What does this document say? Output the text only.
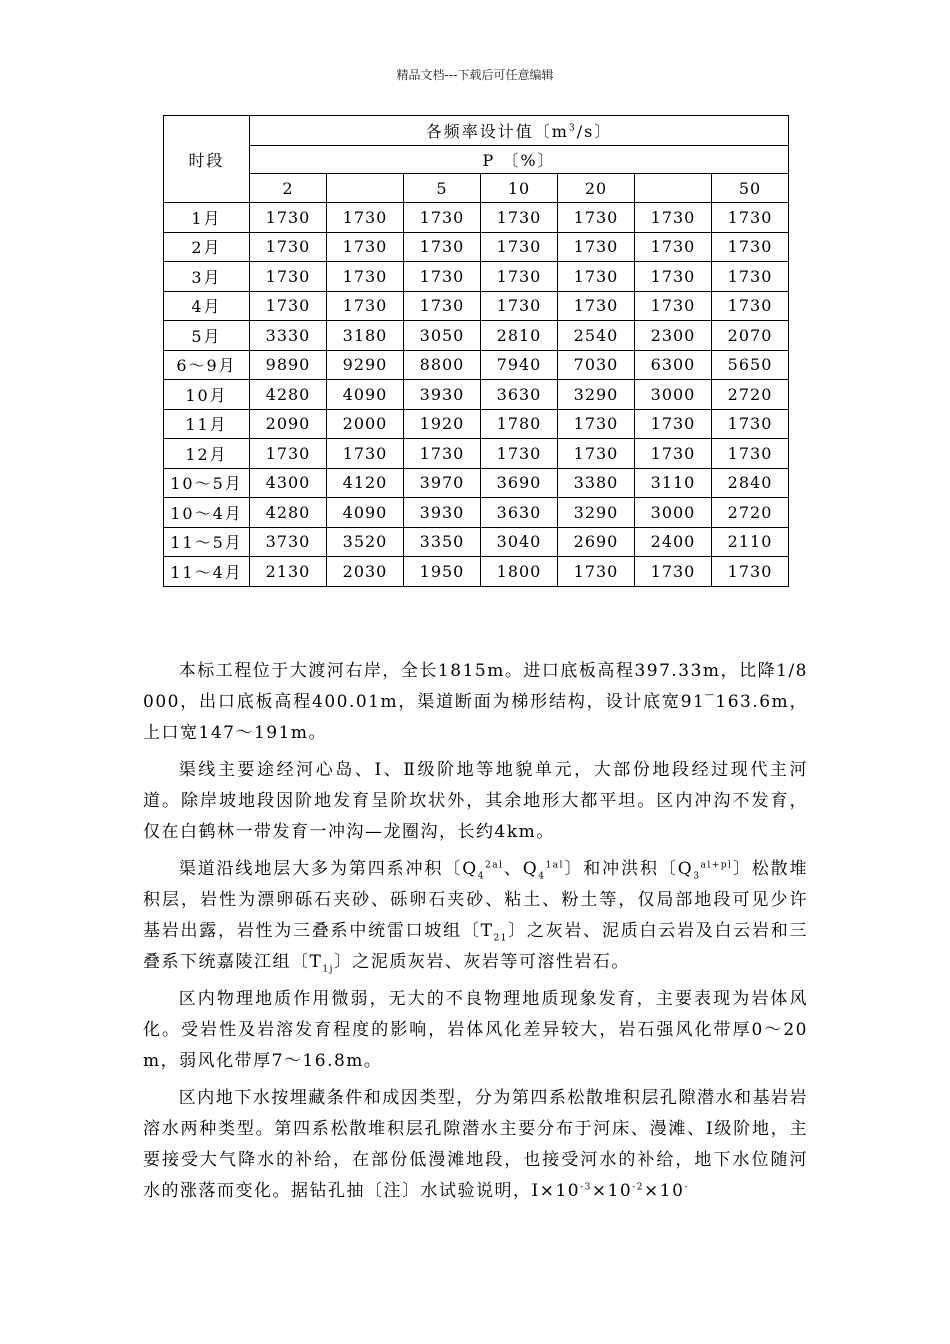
精品文档---下载后可任意编辑
时段	各频率设计值〔$m^3/s$〕						
	P 〔%〕						
	2		5	10	20		50
1月	1730	1730	1730	1730	1730	1730	1730
2月	1730	1730	1730	1730	1730	1730	1730
3月	1730	1730	1730	1730	1730	1730	1730
4月	1730	1730	1730	1730	1730	1730	1730
5月	3330	3180	3050	2810	2540	2300	2070
6～9月	9890	9290	8800	7940	7030	6300	5650
10月	4280	4090	3930	3630	3290	3000	2720
11月	2090	2000	1920	1780	1730	1730	1730
12月	1730	1730	1730	1730	1730	1730	1730
10～5月	4300	4120	3970	3690	3380	3110	2840
10～4月	4280	4090	3930	3630	3290	3000	2720
11～5月	3730	3520	3350	3040	2690	2400	2110
11～4月	2130	2030	1950	1800	1730	1730	1730

本标工程位于大渡河右岸，全长1815m。进口底板高程397.33m，比降1/8000，出口底板高程400.01m，渠道断面为梯形结构，设计底宽91‾163.6m，上口宽147～191m。

渠线主要途经河心岛、Ⅰ、Ⅱ级阶地等地貌单元，大部份地段经过现代主河道。除岸坡地段因阶地发育呈阶坎状外，其余地形大都平坦。区内冲沟不发育，仅在白鹤林一带发育一冲沟—龙圈沟，长约4km。

渠道沿线地层大多为第四系冲积〔$Q_4^{2al}$、$Q_4^{1al}$〕和冲洪积〔$Q_3^{al+pl}$〕松散堆积层，岩性为漂卵砾石夹砂、砾卵石夹砂、粘土、粉土等，仅局部地段可见少许基岩出露，岩性为三叠系中统雷口坡组〔$T_{21}$〕之灰岩、泥质白云岩及白云岩和三叠系下统嘉陵江组〔$T_{1j}$〕之泥质灰岩、灰岩等可溶性岩石。

区内物理地质作用微弱，无大的不良物理地质现象发育，主要表现为岩体风化。受岩性及岩溶发育程度的影响，岩体风化差异较大，岩石强风化带厚0～20m，弱风化带厚7～16.8m。

区内地下水按埋藏条件和成因类型，分为第四系松散堆积层孔隙潜水和基岩岩溶水两种类型。第四系松散堆积层孔隙潜水主要分布于河床、漫滩、Ⅰ级阶地，主要接受大气降水的补给，在部份低漫滩地段，也接受河水的补给，地下水位随河水的涨落而变化。据钻孔抽〔注〕水试验说明，$Ⅰ\times 10^{-3}\times 10^{-2}\times 10^-$
